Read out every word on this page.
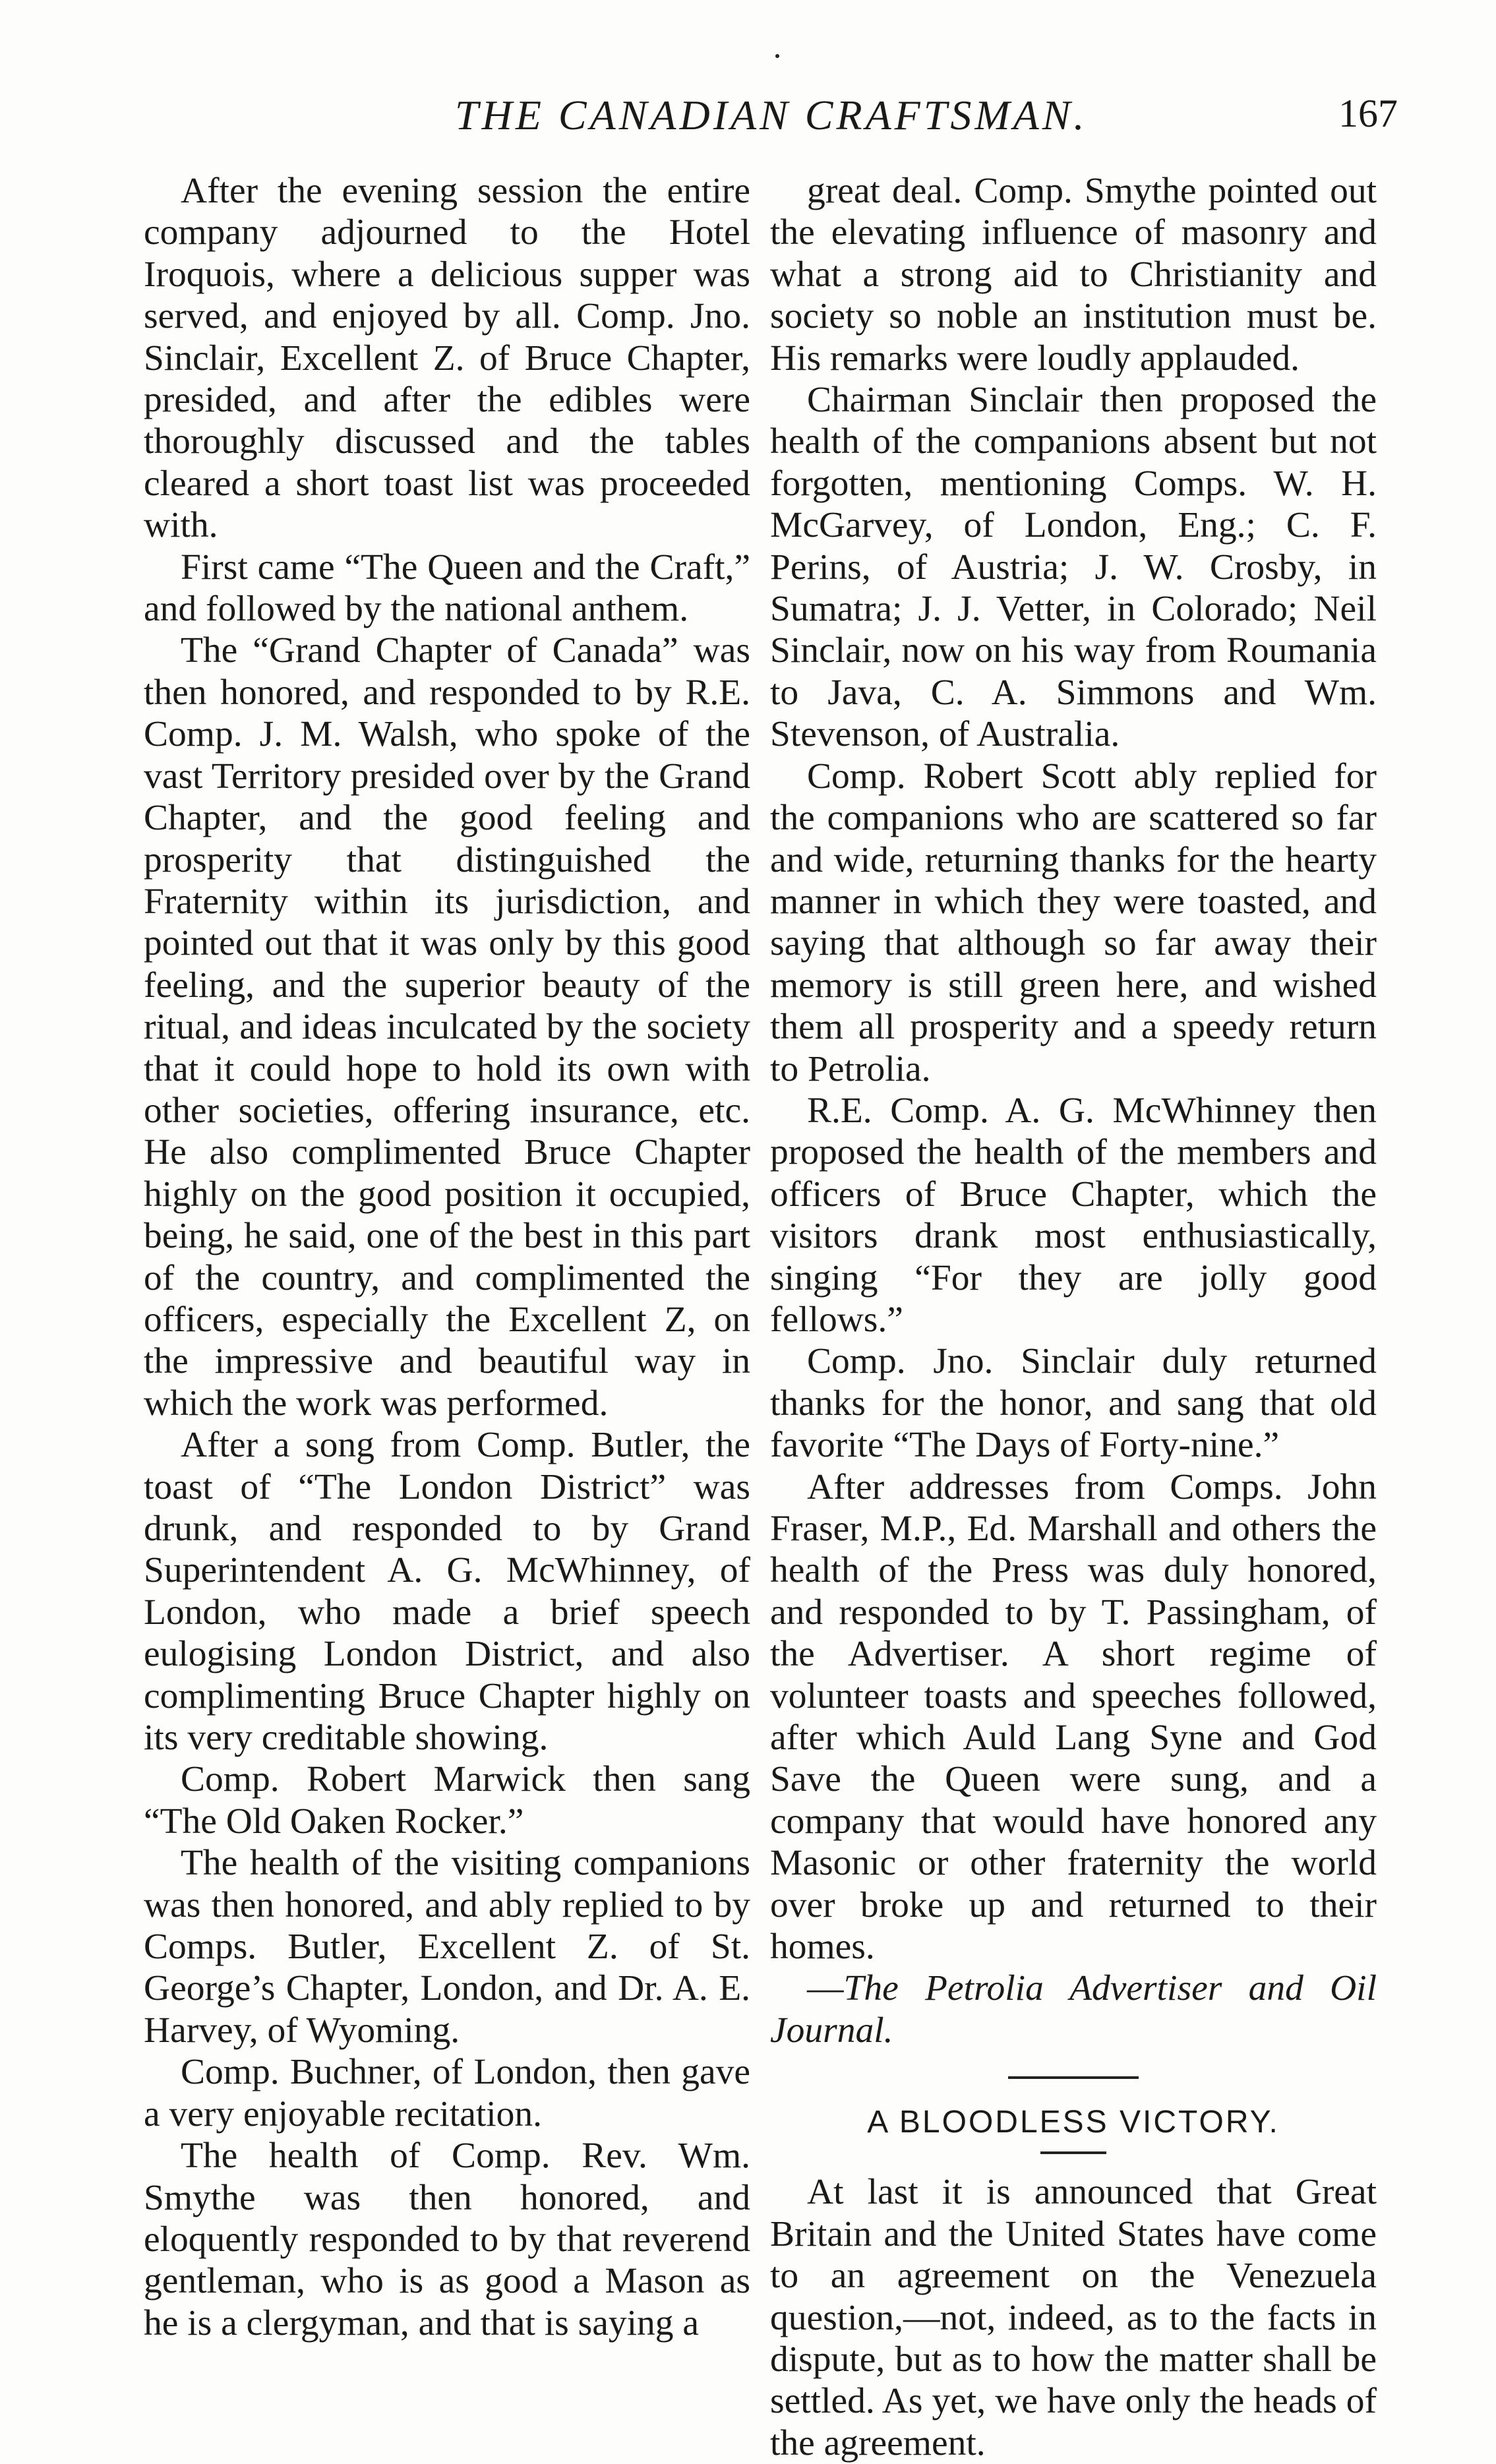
THE CANADIAN CRAFTSMAN.	167

After the evening session the entire company adjourned to the Hotel Iroquois, where a delicious supper was served, and enjoyed by all. Comp. Jno. Sinclair, Excellent Z. of Bruce Chapter, presided, and after the edibles were thoroughly discussed and the tables cleared a short toast list was proceeded with.

First came “The Queen and the Craft,” and followed by the national anthem.

The “Grand Chapter of Canada” was then honored, and responded to by R.E. Comp. J. M. Walsh, who spoke of the vast Territory presided over by the Grand Chapter, and the good feeling and prosperity that distinguished the Fraternity within its jurisdiction, and pointed out that it was only by this good feeling, and the superior beauty of the ritual, and ideas inculcated by the society that it could hope to hold its own with other societies, offering insurance, etc. He also complimented Bruce Chapter highly on the good position it occupied, being, he said, one of the best in this part of the country, and complimented the officers, especially the Excellent Z, on the impressive and beautiful way in which the work was performed.

After a song from Comp. Butler, the toast of “The London District” was drunk, and responded to by Grand Superintendent A. G. McWhinney, of London, who made a brief speech eulogising London District, and also complimenting Bruce Chapter highly on its very creditable showing.

Comp. Robert Marwick then sang “The Old Oaken Rocker.”

The health of the visiting companions was then honored, and ably replied to by Comps. Butler, Excellent Z. of St. George’s Chapter, London, and Dr. A. E. Harvey, of Wyoming.

Comp. Buchner, of London, then gave a very enjoyable recitation.

The health of Comp. Rev. Wm. Smythe was then honored, and eloquently responded to by that reverend gentleman, who is as good a Mason as he is a clergyman, and that is saying a

great deal. Comp. Smythe pointed out the elevating influence of masonry and what a strong aid to Christianity and society so noble an institution must be. His remarks were loudly applauded.

Chairman Sinclair then proposed the health of the companions absent but not forgotten, mentioning Comps. W. H. McGarvey, of London, Eng.; C. F. Perins, of Austria; J. W. Crosby, in Sumatra; J. J. Vetter, in Colorado; Neil Sinclair, now on his way from Roumania to Java, C. A. Simmons and Wm. Stevenson, of Australia.

Comp. Robert Scott ably replied for the companions who are scattered so far and wide, returning thanks for the hearty manner in which they were toasted, and saying that although so far away their memory is still green here, and wished them all prosperity and a speedy return to Petrolia.

R.E. Comp. A. G. McWhinney then proposed the health of the members and officers of Bruce Chapter, which the visitors drank most enthusiastically, singing “For they are jolly good fellows.”

Comp. Jno. Sinclair duly returned thanks for the honor, and sang that old favorite “The Days of Forty-nine.”

After addresses from Comps. John Fraser, M.P., Ed. Marshall and others the health of the Press was duly honored, and responded to by T. Passingham, of the Advertiser. A short regime of volunteer toasts and speeches followed, after which Auld Lang Syne and God Save the Queen were sung, and a company that would have honored any Masonic or other fraternity the world over broke up and returned to their homes.

—The Petrolia Advertiser and Oil Journal.

A BLOODLESS VICTORY.

At last it is announced that Great Britain and the United States have come to an agreement on the Venezuela question,—not, indeed, as to the facts in dispute, but as to how the matter shall be settled. As yet, we have only the heads of the agreement.
